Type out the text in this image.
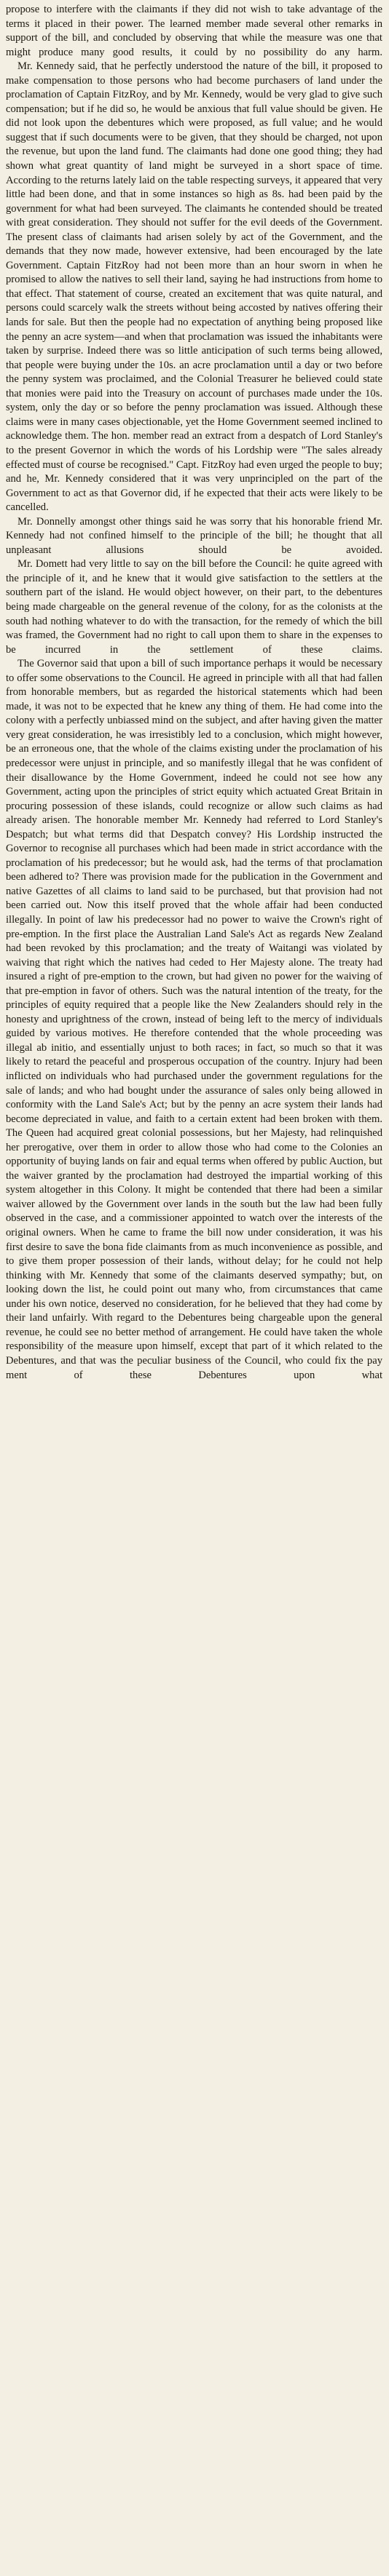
propose to interfere with the claimants if they did not wish to take advantage of the terms it placed in their power. The learned member made several other remarks in support of the bill, and concluded by observing that while the measure was one that might produce many good results, it could by no possibility do any harm.

Mr. Kennedy said, that he perfectly understood the nature of the bill, it proposed to make compensation to those persons who had become purchasers of land under the proclamation of Captain FitzRoy, and by Mr. Kennedy, would be very glad to give such compensation; but if he did so, he would be anxious that full value should be given. He did not look upon the debentures which were proposed, as full value; and he would suggest that if such documents were to be given, that they should be charged, not upon the revenue, but upon the land fund. The claimants had done one good thing; they had shown what great quantity of land might be surveyed in a short space of time. According to the returns lately laid on the table respecting surveys, it appeared that very little had been done, and that in some instances so high as 8s. had been paid by the government for what had been surveyed. The claimants he contended should be treated with great consideration. They should not suffer for the evil deeds of the Government. The present class of claimants had arisen solely by act of the Government, and the demands that they now made, however extensive, had been encouraged by the late Government. Captain FitzRoy had not been more than an hour sworn in when he promised to allow the natives to sell their land, saying he had instructions from home to that effect. That statement of course, created an excitement that was quite natural, and persons could scarcely walk the streets without being accosted by natives offering their lands for sale. But then the people had no expectation of anything being proposed like the penny an acre system—and when that proclamation was issued the inhabitants were taken by surprise. Indeed there was so little anticipation of such terms being allowed, that people were buying under the 10s. an acre proclamation until a day or two before the penny system was proclaimed, and the Colonial Treasurer he believed could state that monies were paid into the Treasury on account of purchases made under the 10s. system, only the day or so before the penny proclamation was issued. Although these claims were in many cases objectionable, yet the Home Government seemed inclined to acknowledge them. The hon. member read an extract from a despatch of Lord Stanley's to the present Governor in which the words of his Lordship were "The sales already effected must of course be recognised." Capt. FitzRoy had even urged the people to buy; and he, Mr. Kennedy considered that it was very unprincipled on the part of the Government to act as that Governor did, if he expected that their acts were likely to be cancelled.

Mr. Donnelly amongst other things said he was sorry that his honorable friend Mr. Kennedy had not confined himself to the principle of the bill; he thought that all unpleasant allusions should be avoided.

Mr. Domett had very little to say on the bill before the Council: he quite agreed with the principle of it, and he knew that it would give satisfaction to the settlers at the southern part of the island. He would object however, on their part, to the debentures being made chargeable on the general revenue of the colony, for as the colonists at the south had nothing whatever to do with the transaction, for the remedy of which the bill was framed, the Government had no right to call upon them to share in the expenses to be incurred in the settlement of these claims.

The Governor said that upon a bill of such importance perhaps it would be necessary to offer some observations to the Council. He agreed in principle with all that had fallen from honorable members, but as regarded the historical statements which had been made, it was not to be expected that he knew any thing of them. He had come into the colony with a perfectly unbiassed mind on the subject, and after having given the matter very great consideration, he was irresistibly led to a conclusion, which might however, be an erroneous one, that the whole of the claims existing under the proclamation of his predecessor were unjust in principle, and so manifestly illegal that he was confident of their disallowance by the Home Government, indeed he could not see how any Government, acting upon the principles of strict equity which actuated Great Britain in procuring possession of these islands, could recognize or allow such claims as had already arisen. The honorable member Mr. Kennedy had referred to Lord Stanley's Despatch; but what terms did that Despatch convey? His Lordship instructed the Governor to recognise all purchases which had been made in strict accordance with the proclamation of his predecessor; but he would ask, had the terms of that proclamation been adhered to? There was provision made for the publication in the Government and native Gazettes of all claims to land said to be purchased, but that provision had not been carried out. Now this itself proved that the whole affair had been conducted illegally. In point of law his predecessor had no power to waive the Crown's right of pre-emption. In the first place the Australian Land Sale's Act as regards New Zealand had been revoked by this proclamation; and the treaty of Waitangi was violated by waiving that right which the natives had ceded to Her Majesty alone. The treaty had insured a right of pre-emption to the crown, but had given no power for the waiving of that pre-emption in favor of others. Such was the natural intention of the treaty, for the principles of equity required that a people like the New Zealanders should rely in the honesty and uprightness of the crown, instead of being left to the mercy of individuals guided by various motives. He therefore contended that the whole proceeding was illegal ab initio, and essentially unjust to both races; in fact, so much so that it was likely to retard the peaceful and prosperous occupation of the country. Injury had been inflicted on individuals who had purchased under the government regulations for the sale of lands; and who had bought under the assurance of sales only being allowed in conformity with the Land Sale's Act; but by the penny an acre system their lands had become depreciated in value, and faith to a certain extent had been broken with them. The Queen had acquired great colonial possessions, but her Majesty, had relinquished her prerogative, over them in order to allow those who had come to the Colonies an opportunity of buying lands on fair and equal terms when offered by public Auction, but the waiver granted by the proclamation had destroyed the impartial working of this system altogether in this Colony. It might be contended that there had been a similar waiver allowed by the Government over lands in the south but the law had been fully observed in the case, and a commissioner appointed to watch over the interests of the original owners. When he came to frame the bill now under consideration, it was his first desire to save the bona fide claimants from as much inconvenience as possible, and to give them proper possession of their lands, without delay; for he could not help thinking with Mr. Kennedy that some of the claimants deserved sympathy; but, on looking down the list, he could point out many who, from circumstances that came under his own notice, deserved no consideration, for he believed that they had come by their land unfairly. With regard to the Debentures being chargeable upon the general revenue, he could see no better method of arrangement. He could have taken the whole responsibility of the measure upon himself, except that part of it which related to the Debentures, and that was the peculiar business of the Council, who could fix the pay ment of these Debentures upon what
